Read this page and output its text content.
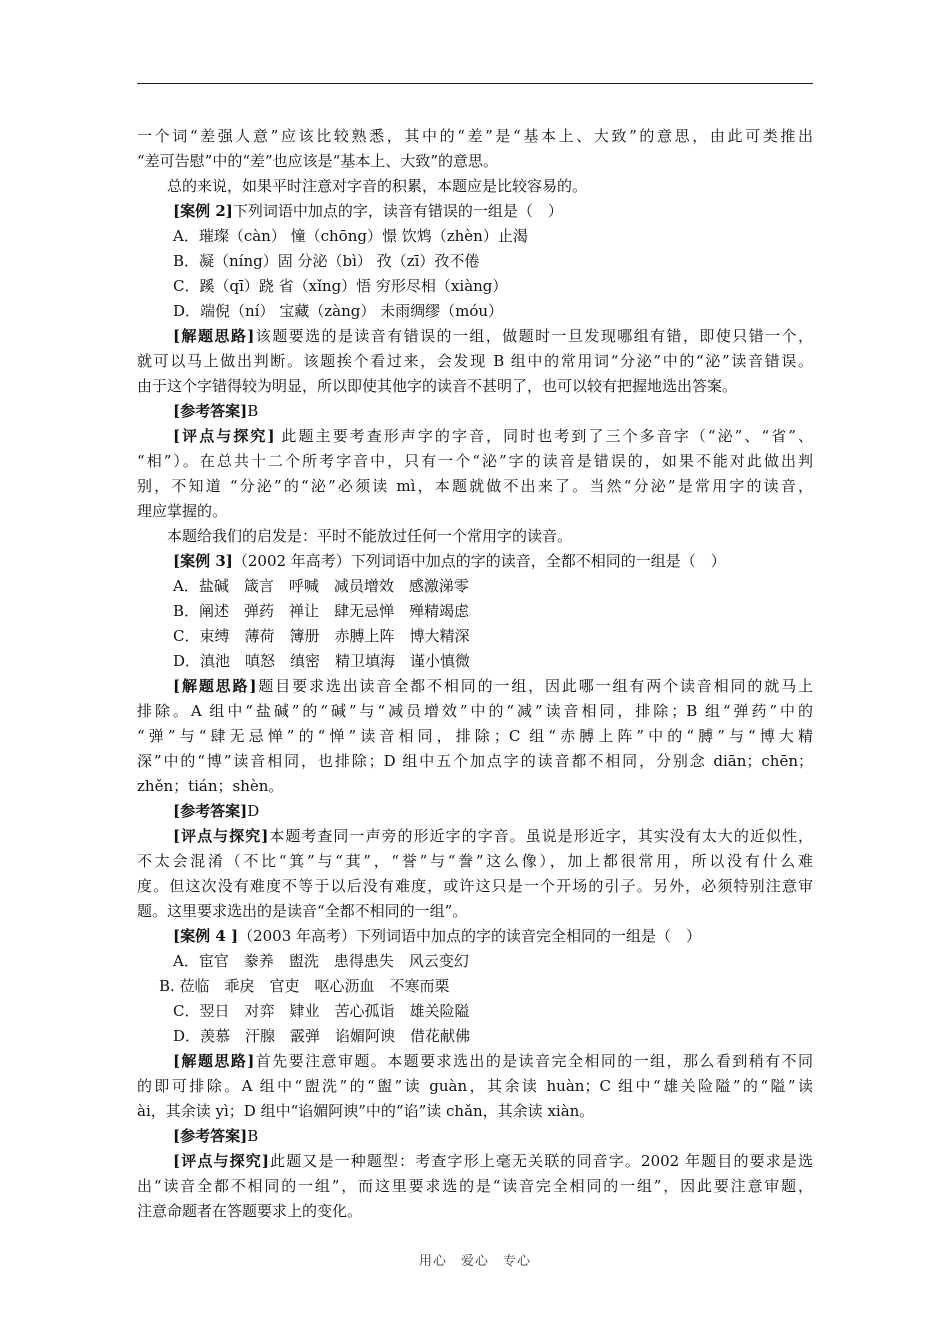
一个词“差强人意”应该比较熟悉，其中的“差”是“基本上、大致”的意思，由此可类推出
“差可告慰”中的“差”也应该是“基本上、大致”的意思。
总的来说，如果平时注意对字音的积累，本题应是比较容易的。
[案例 2]下列词语中加点的字，读音有错误的一组是（　）
A．璀璨（càn） 憧（chōng）憬 饮鸩（zhèn）止渴
B．凝（níng）固 分泌（bì） 孜（zī）孜不倦
C．蹊（qī）跷 省（xǐng）悟 穷形尽相（xiàng）
D．端倪（ní） 宝藏（zàng） 未雨绸缪（móu）
[解题思路]该题要选的是读音有错误的一组，做题时一旦发现哪组有错，即使只错一个，
就可以马上做出判断。该题挨个看过来，会发现 B 组中的常用词“分泌”中的“泌”读音错误。
由于这个字错得较为明显，所以即使其他字的读音不甚明了，也可以较有把握地选出答案。
[参考答案]B
[评点与探究] 此题主要考查形声字的字音，同时也考到了三个多音字（“泌”、“省”、
“相”）。在总共十二个所考字音中，只有一个“泌”字的读音是错误的，如果不能对此做出判
别，不知道 “分泌”的“泌”必须读 mì，本题就做不出来了。当然“分泌”是常用字的读音，
理应掌握的。
本题给我们的启发是：平时不能放过任何一个常用字的读音。
[案例 3]（2002 年高考）下列词语中加点的字的读音，全都不相同的一组是（　）
A．盐碱　箴言　呼喊　减员增效　感激涕零
B．阐述　弹药　禅让　肆无忌惮　殚精竭虑
C．束缚　薄荷　簿册　赤膊上阵　博大精深
D．滇池　嗔怒　缜密　精卫填海　谨小慎微
[解题思路]题目要求选出读音全都不相同的一组，因此哪一组有两个读音相同的就马上
排除。A 组中“盐碱”的“碱”与“减员增效”中的“减”读音相同，排除；B 组“弹药”中的
“弹”与“肆无忌惮”的“惮”读音相同，排除；C 组“赤膊上阵”中的“膊”与“博大精
深”中的“博”读音相同，也排除；D 组中五个加点字的读音都不相同，分别念 diān；chēn；
zhěn；tián；shèn。
[参考答案]D
[评点与探究]本题考查同一声旁的形近字的字音。虽说是形近字，其实没有太大的近似性，
不太会混淆（不比“箕”与“萁”，“誉”与“誊”这么像），加上都很常用，所以没有什么难
度。但这次没有难度不等于以后没有难度，或许这只是一个开场的引子。另外，必须特别注意审
题。这里要求选出的是读音“全都不相同的一组”。
[案例 4 ]（2003 年高考）下列词语中加点的字的读音完全相同的一组是（　）
A．宦官　豢养　盥洗　患得患失　风云变幻
B. 莅临　乖戾　官吏　呕心沥血　不寒而栗
C．翌日　对弈　肄业　苦心孤诣　雄关险隘
D．羡慕　汗腺　霰弹　谄媚阿谀　借花献佛
[解题思路]首先要注意审题。本题要求选出的是读音完全相同的一组，那么看到稍有不同
的即可排除。A 组中“盥洗”的“盥”读 guàn，其余读 huàn；C 组中“雄关险隘”的“隘”读
ài，其余读 yì；D 组中“谄媚阿谀”中的“谄”读 chǎn，其余读 xiàn。
[参考答案]B
[评点与探究]此题又是一种题型：考查字形上毫无关联的同音字。2002 年题目的要求是选
出“读音全都不相同的一组”，而这里要求选的是“读音完全相同的一组”，因此要注意审题，
注意命题者在答题要求上的变化。
用心　爱心　专心
